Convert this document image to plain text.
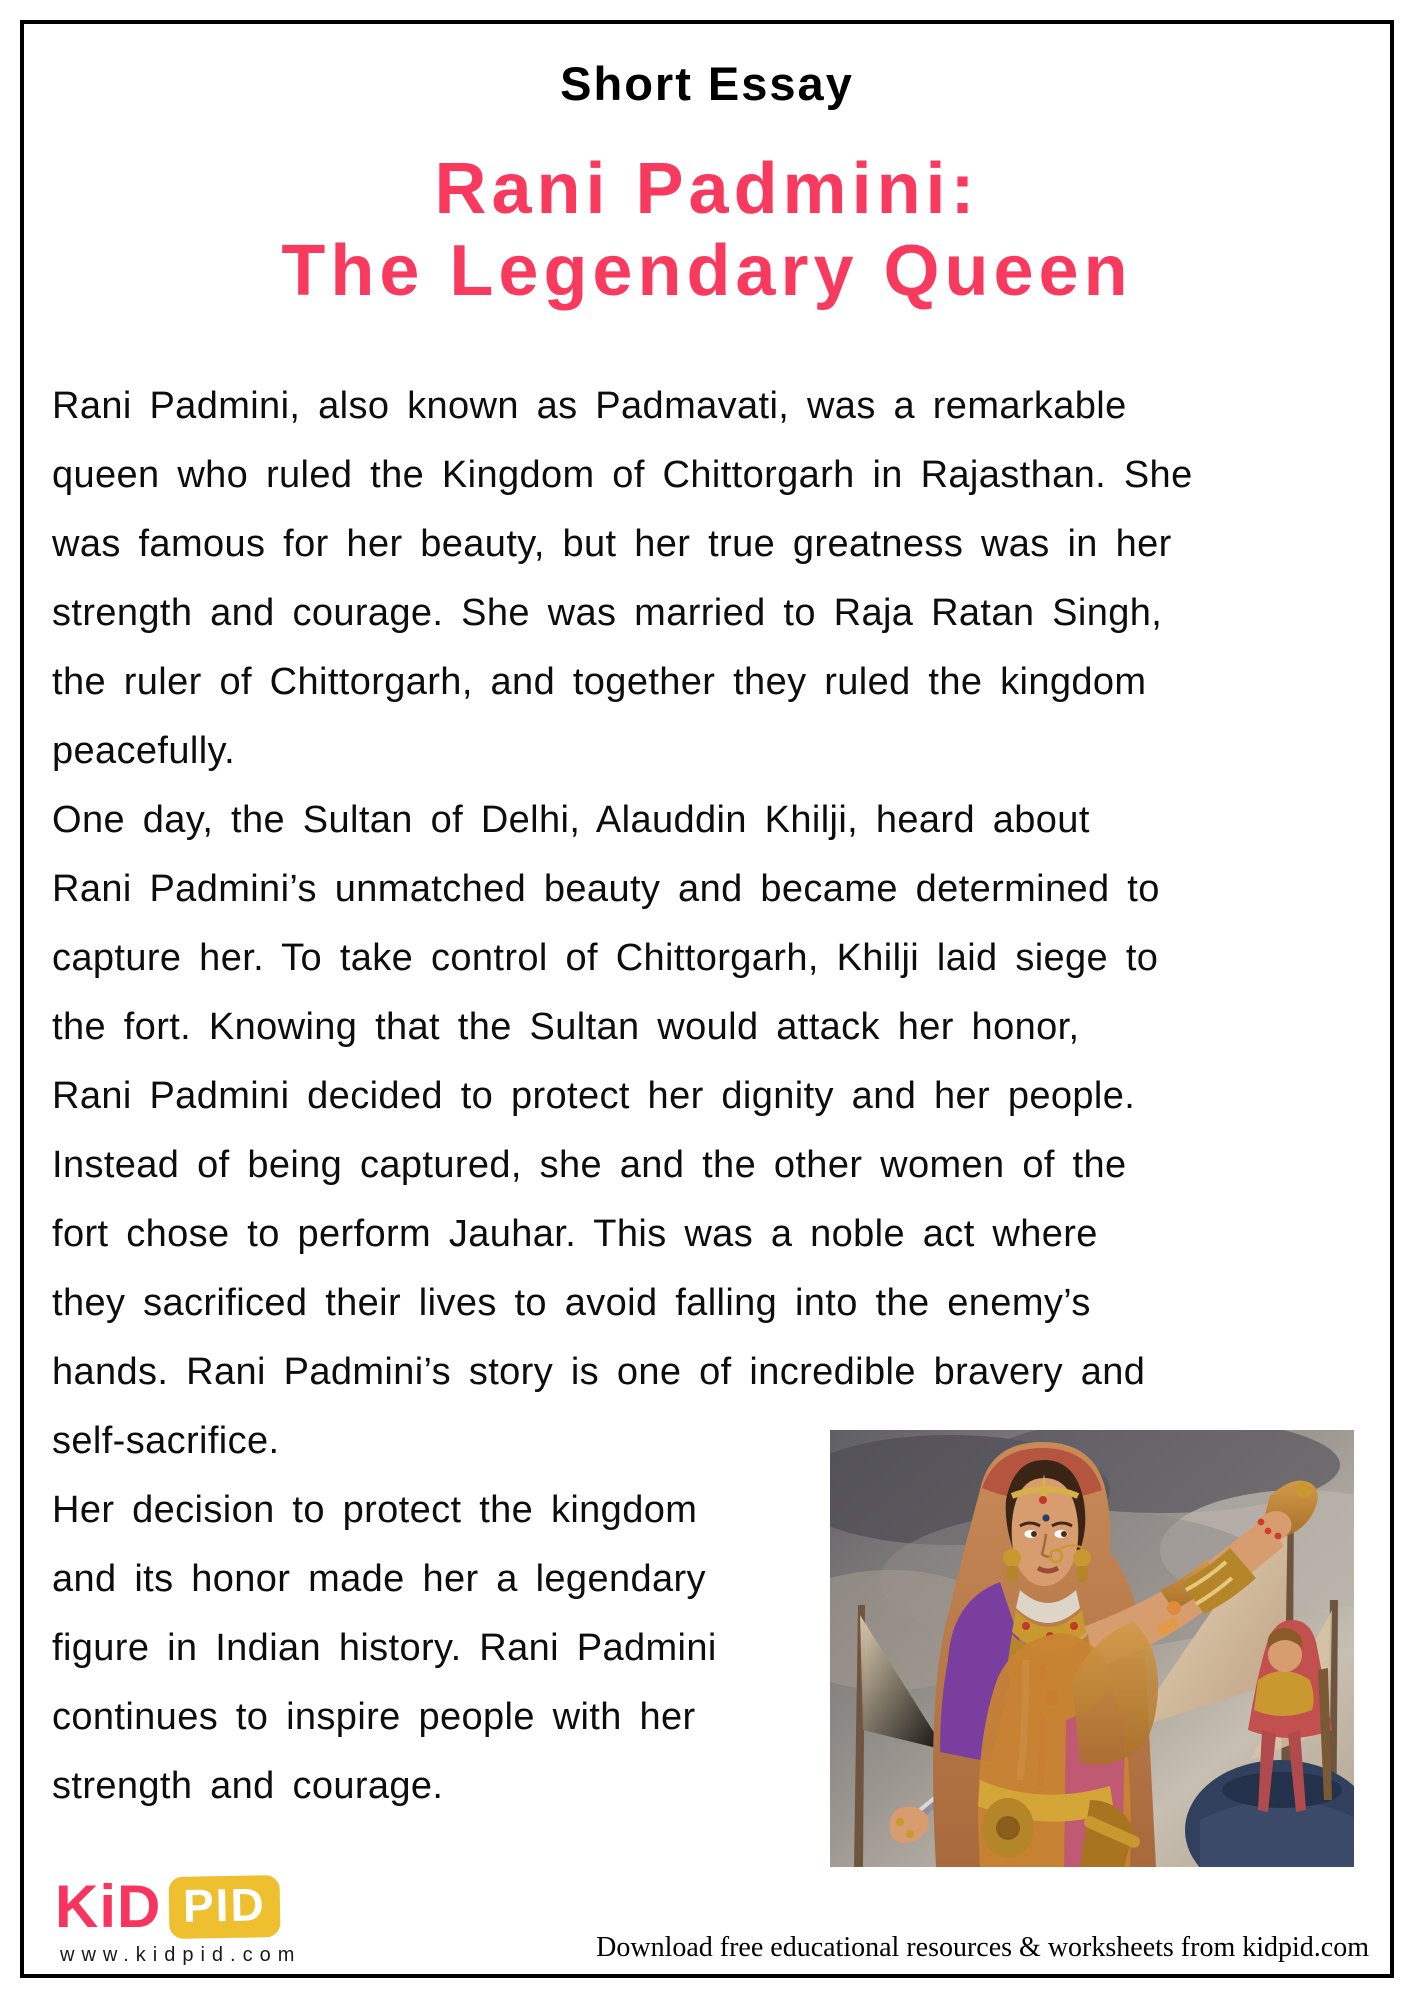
Short Essay
Rani Padmini:
The Legendary Queen
Rani Padmini, also known as Padmavati, was a remarkable
queen who ruled the Kingdom of Chittorgarh in Rajasthan. She
was famous for her beauty, but her true greatness was in her
strength and courage. She was married to Raja Ratan Singh,
the ruler of Chittorgarh, and together they ruled the kingdom
peacefully.
One day, the Sultan of Delhi, Alauddin Khilji, heard about
Rani Padmini’s unmatched beauty and became determined to
capture her. To take control of Chittorgarh, Khilji laid siege to
the fort. Knowing that the Sultan would attack her honor,
Rani Padmini decided to protect her dignity and her people.
Instead of being captured, she and the other women of the
fort chose to perform Jauhar. This was a noble act where
they sacrificed their lives to avoid falling into the enemy’s
hands. Rani Padmini’s story is one of incredible bravery and
self-sacrifice.
Her decision to protect the kingdom
and its honor made her a legendary
figure in Indian history. Rani Padmini
continues to inspire people with her
strength and courage.
KiD PID
www.kidpid.com	Download free educational resources & worksheets from kidpid.com
